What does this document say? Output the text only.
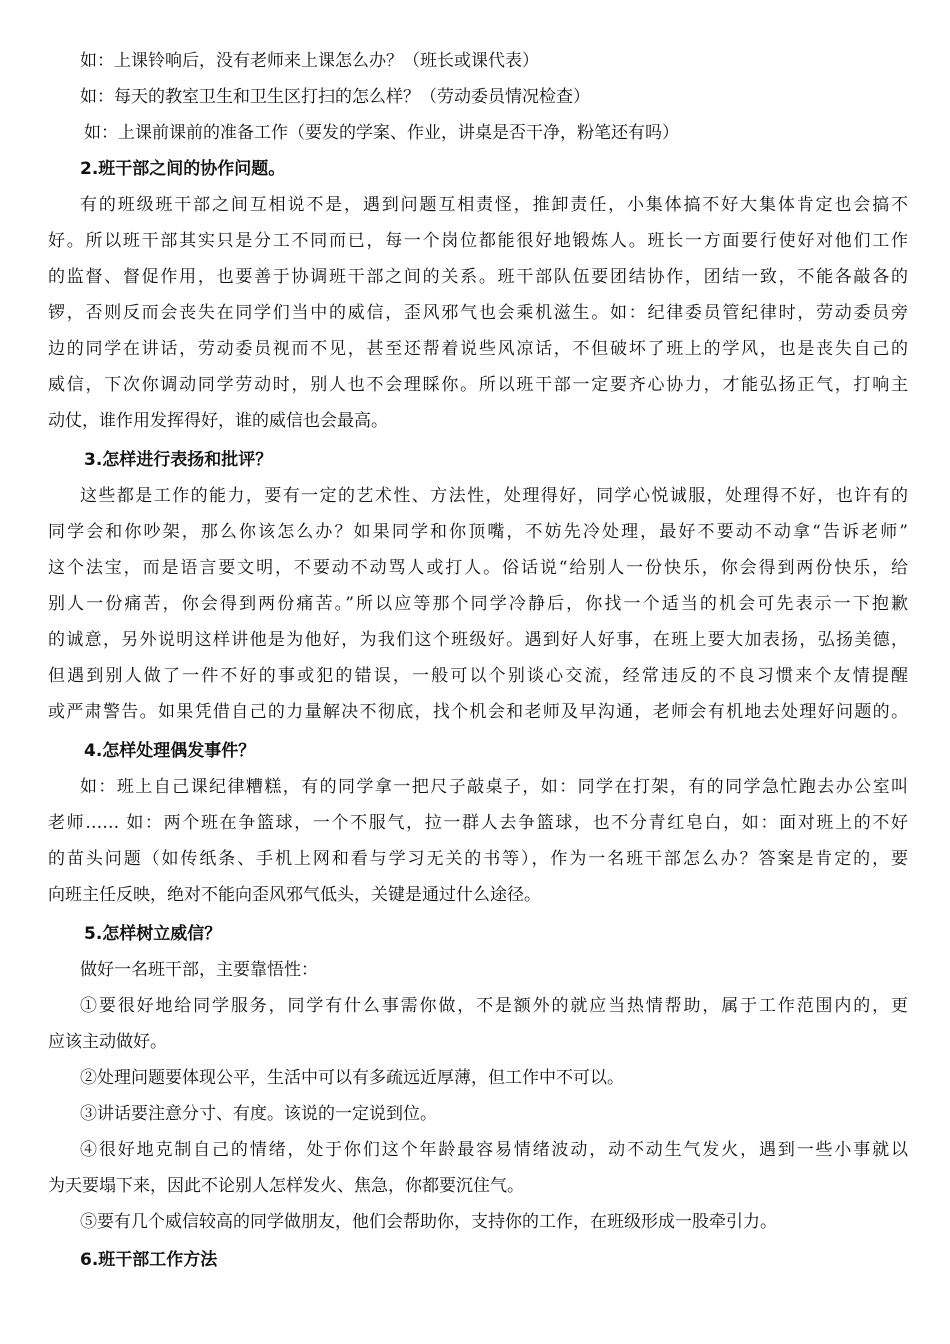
如：上课铃响后，没有老师来上课怎么办？（班长或课代表）
如：每天的教室卫生和卫生区打扫的怎么样？（劳动委员情况检查）
如：上课前课前的准备工作（要发的学案、作业，讲桌是否干净，粉笔还有吗）
2.班干部之间的协作问题。
有的班级班干部之间互相说不是，遇到问题互相责怪，推卸责任，小集体搞不好大集体肯定也会搞不
好。所以班干部其实只是分工不同而已，每一个岗位都能很好地锻炼人。班长一方面要行使好对他们工作
的监督、督促作用，也要善于协调班干部之间的关系。班干部队伍要团结协作，团结一致，不能各敲各的
锣，否则反而会丧失在同学们当中的威信，歪风邪气也会乘机滋生。如：纪律委员管纪律时，劳动委员旁
边的同学在讲话，劳动委员视而不见，甚至还帮着说些风凉话，不但破坏了班上的学风，也是丧失自己的
威信，下次你调动同学劳动时，别人也不会理睬你。所以班干部一定要齐心协力，才能弘扬正气，打响主
动仗，谁作用发挥得好，谁的威信也会最高。
3.怎样进行表扬和批评？
这些都是工作的能力，要有一定的艺术性、方法性，处理得好，同学心悦诚服，处理得不好，也许有的
同学会和你吵架，那么你该怎么办？如果同学和你顶嘴，不妨先冷处理，最好不要动不动拿“告诉老师”
这个法宝，而是语言要文明，不要动不动骂人或打人。俗话说“给别人一份快乐，你会得到两份快乐，给
别人一份痛苦，你会得到两份痛苦。”所以应等那个同学冷静后，你找一个适当的机会可先表示一下抱歉
的诚意，另外说明这样讲他是为他好，为我们这个班级好。遇到好人好事，在班上要大加表扬，弘扬美德，
但遇到别人做了一件不好的事或犯的错误，一般可以个别谈心交流，经常违反的不良习惯来个友情提醒
或严肃警告。如果凭借自己的力量解决不彻底，找个机会和老师及早沟通，老师会有机地去处理好问题的。
4.怎样处理偶发事件？
如：班上自己课纪律糟糕，有的同学拿一把尺子敲桌子，如：同学在打架，有的同学急忙跑去办公室叫
老师…… 如：两个班在争篮球，一个不服气，拉一群人去争篮球，也不分青红皂白，如：面对班上的不好
的苗头问题（如传纸条、手机上网和看与学习无关的书等），作为一名班干部怎么办？答案是肯定的，要
向班主任反映，绝对不能向歪风邪气低头，关键是通过什么途径。
5.怎样树立威信？
做好一名班干部，主要靠悟性：
①要很好地给同学服务，同学有什么事需你做，不是额外的就应当热情帮助，属于工作范围内的，更
应该主动做好。
②处理问题要体现公平，生活中可以有多疏远近厚薄，但工作中不可以。
③讲话要注意分寸、有度。该说的一定说到位。
④很好地克制自己的情绪，处于你们这个年龄最容易情绪波动，动不动生气发火，遇到一些小事就以
为天要塌下来，因此不论别人怎样发火、焦急，你都要沉住气。
⑤要有几个威信较高的同学做朋友，他们会帮助你，支持你的工作，在班级形成一股牵引力。
6.班干部工作方法
